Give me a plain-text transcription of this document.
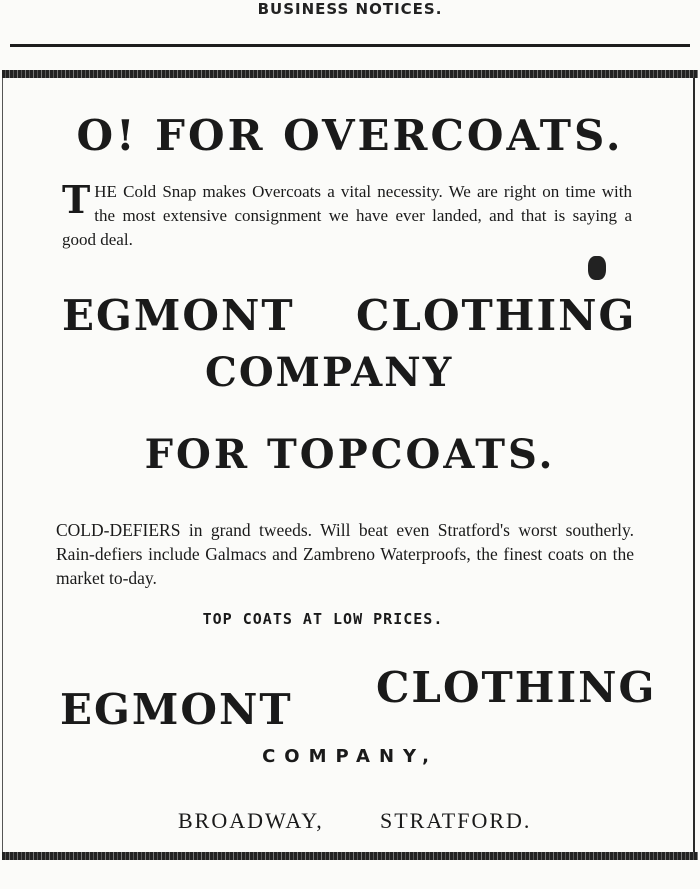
BUSINESS NOTICES.
O! FOR OVERCOATS.
THE Cold Snap makes Overcoats a vital necessity. We are right on time with the most extensive consignment we have ever landed, and that is saying a good deal.
EGMONT CLOTHING
COMPANY
FOR TOPCOATS.
COLD-DEFIERS in grand tweeds. Will beat even Stratford's worst southerly. Rain-defiers include Galmacs and Zambreno Waterproofs, the finest coats on the market to-day.
TOP COATS AT LOW PRICES.
EGMONT CLOTHING
COMPANY,
BROADWAY,	STRATFORD.
